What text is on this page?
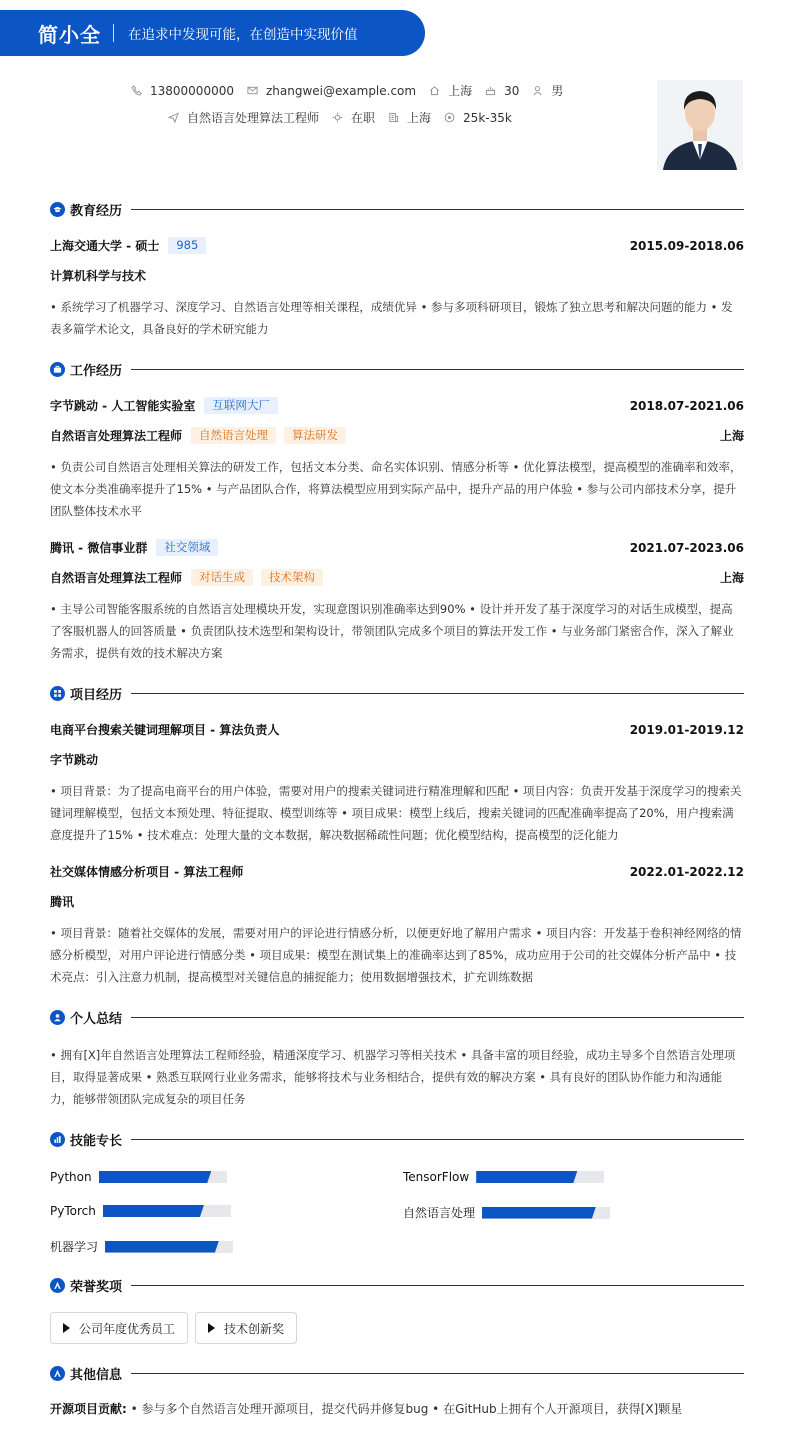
简小全 在追求中发现可能，在创造中实现价值
13800000000	zhangwei@example.com	上海	30	男
自然语言处理算法工程师	在职	上海	25k-35k
教育经历
上海交通大学 - 硕士	985	2015.09-2018.06
计算机科学与技术
• 系统学习了机器学习、深度学习、自然语言处理等相关课程，成绩优异 • 参与多项科研项目，锻炼了独立思考和解决问题的能力 • 发表多篇学术论文，具备良好的学术研究能力
工作经历
字节跳动 - 人工智能实验室	互联网大厂	2018.07-2021.06
自然语言处理算法工程师	自然语言处理	算法研发	上海
• 负责公司自然语言处理相关算法的研发工作，包括文本分类、命名实体识别、情感分析等 • 优化算法模型，提高模型的准确率和效率，使文本分类准确率提升了15% • 与产品团队合作，将算法模型应用到实际产品中，提升产品的用户体验 • 参与公司内部技术分享，提升团队整体技术水平
腾讯 - 微信事业群	社交领域	2021.07-2023.06
自然语言处理算法工程师	对话生成	技术架构	上海
• 主导公司智能客服系统的自然语言处理模块开发，实现意图识别准确率达到90% • 设计并开发了基于深度学习的对话生成模型，提高了客服机器人的回答质量 • 负责团队技术选型和架构设计，带领团队完成多个项目的算法开发工作 • 与业务部门紧密合作，深入了解业务需求，提供有效的技术解决方案
项目经历
电商平台搜索关键词理解项目 - 算法负责人	2019.01-2019.12
字节跳动
• 项目背景：为了提高电商平台的用户体验，需要对用户的搜索关键词进行精准理解和匹配 • 项目内容：负责开发基于深度学习的搜索关键词理解模型，包括文本预处理、特征提取、模型训练等 • 项目成果：模型上线后，搜索关键词的匹配准确率提高了20%，用户搜索满意度提升了15% • 技术难点：处理大量的文本数据，解决数据稀疏性问题；优化模型结构，提高模型的泛化能力
社交媒体情感分析项目 - 算法工程师	2022.01-2022.12
腾讯
• 项目背景：随着社交媒体的发展，需要对用户的评论进行情感分析，以便更好地了解用户需求 • 项目内容：开发基于卷积神经网络的情感分析模型，对用户评论进行情感分类 • 项目成果：模型在测试集上的准确率达到了85%，成功应用于公司的社交媒体分析产品中 • 技术亮点：引入注意力机制，提高模型对关键信息的捕捉能力；使用数据增强技术，扩充训练数据
个人总结
• 拥有[X]年自然语言处理算法工程师经验，精通深度学习、机器学习等相关技术 • 具备丰富的项目经验，成功主导多个自然语言处理项目，取得显著成果 • 熟悉互联网行业业务需求，能够将技术与业务相结合，提供有效的解决方案 • 具有良好的团队协作能力和沟通能力，能够带领团队完成复杂的项目任务
技能专长
Python	TensorFlow
PyTorch	自然语言处理
机器学习
荣誉奖项
公司年度优秀员工	技术创新奖
其他信息
开源项目贡献: • 参与多个自然语言处理开源项目，提交代码并修复bug • 在GitHub上拥有个人开源项目，获得[X]颗星
